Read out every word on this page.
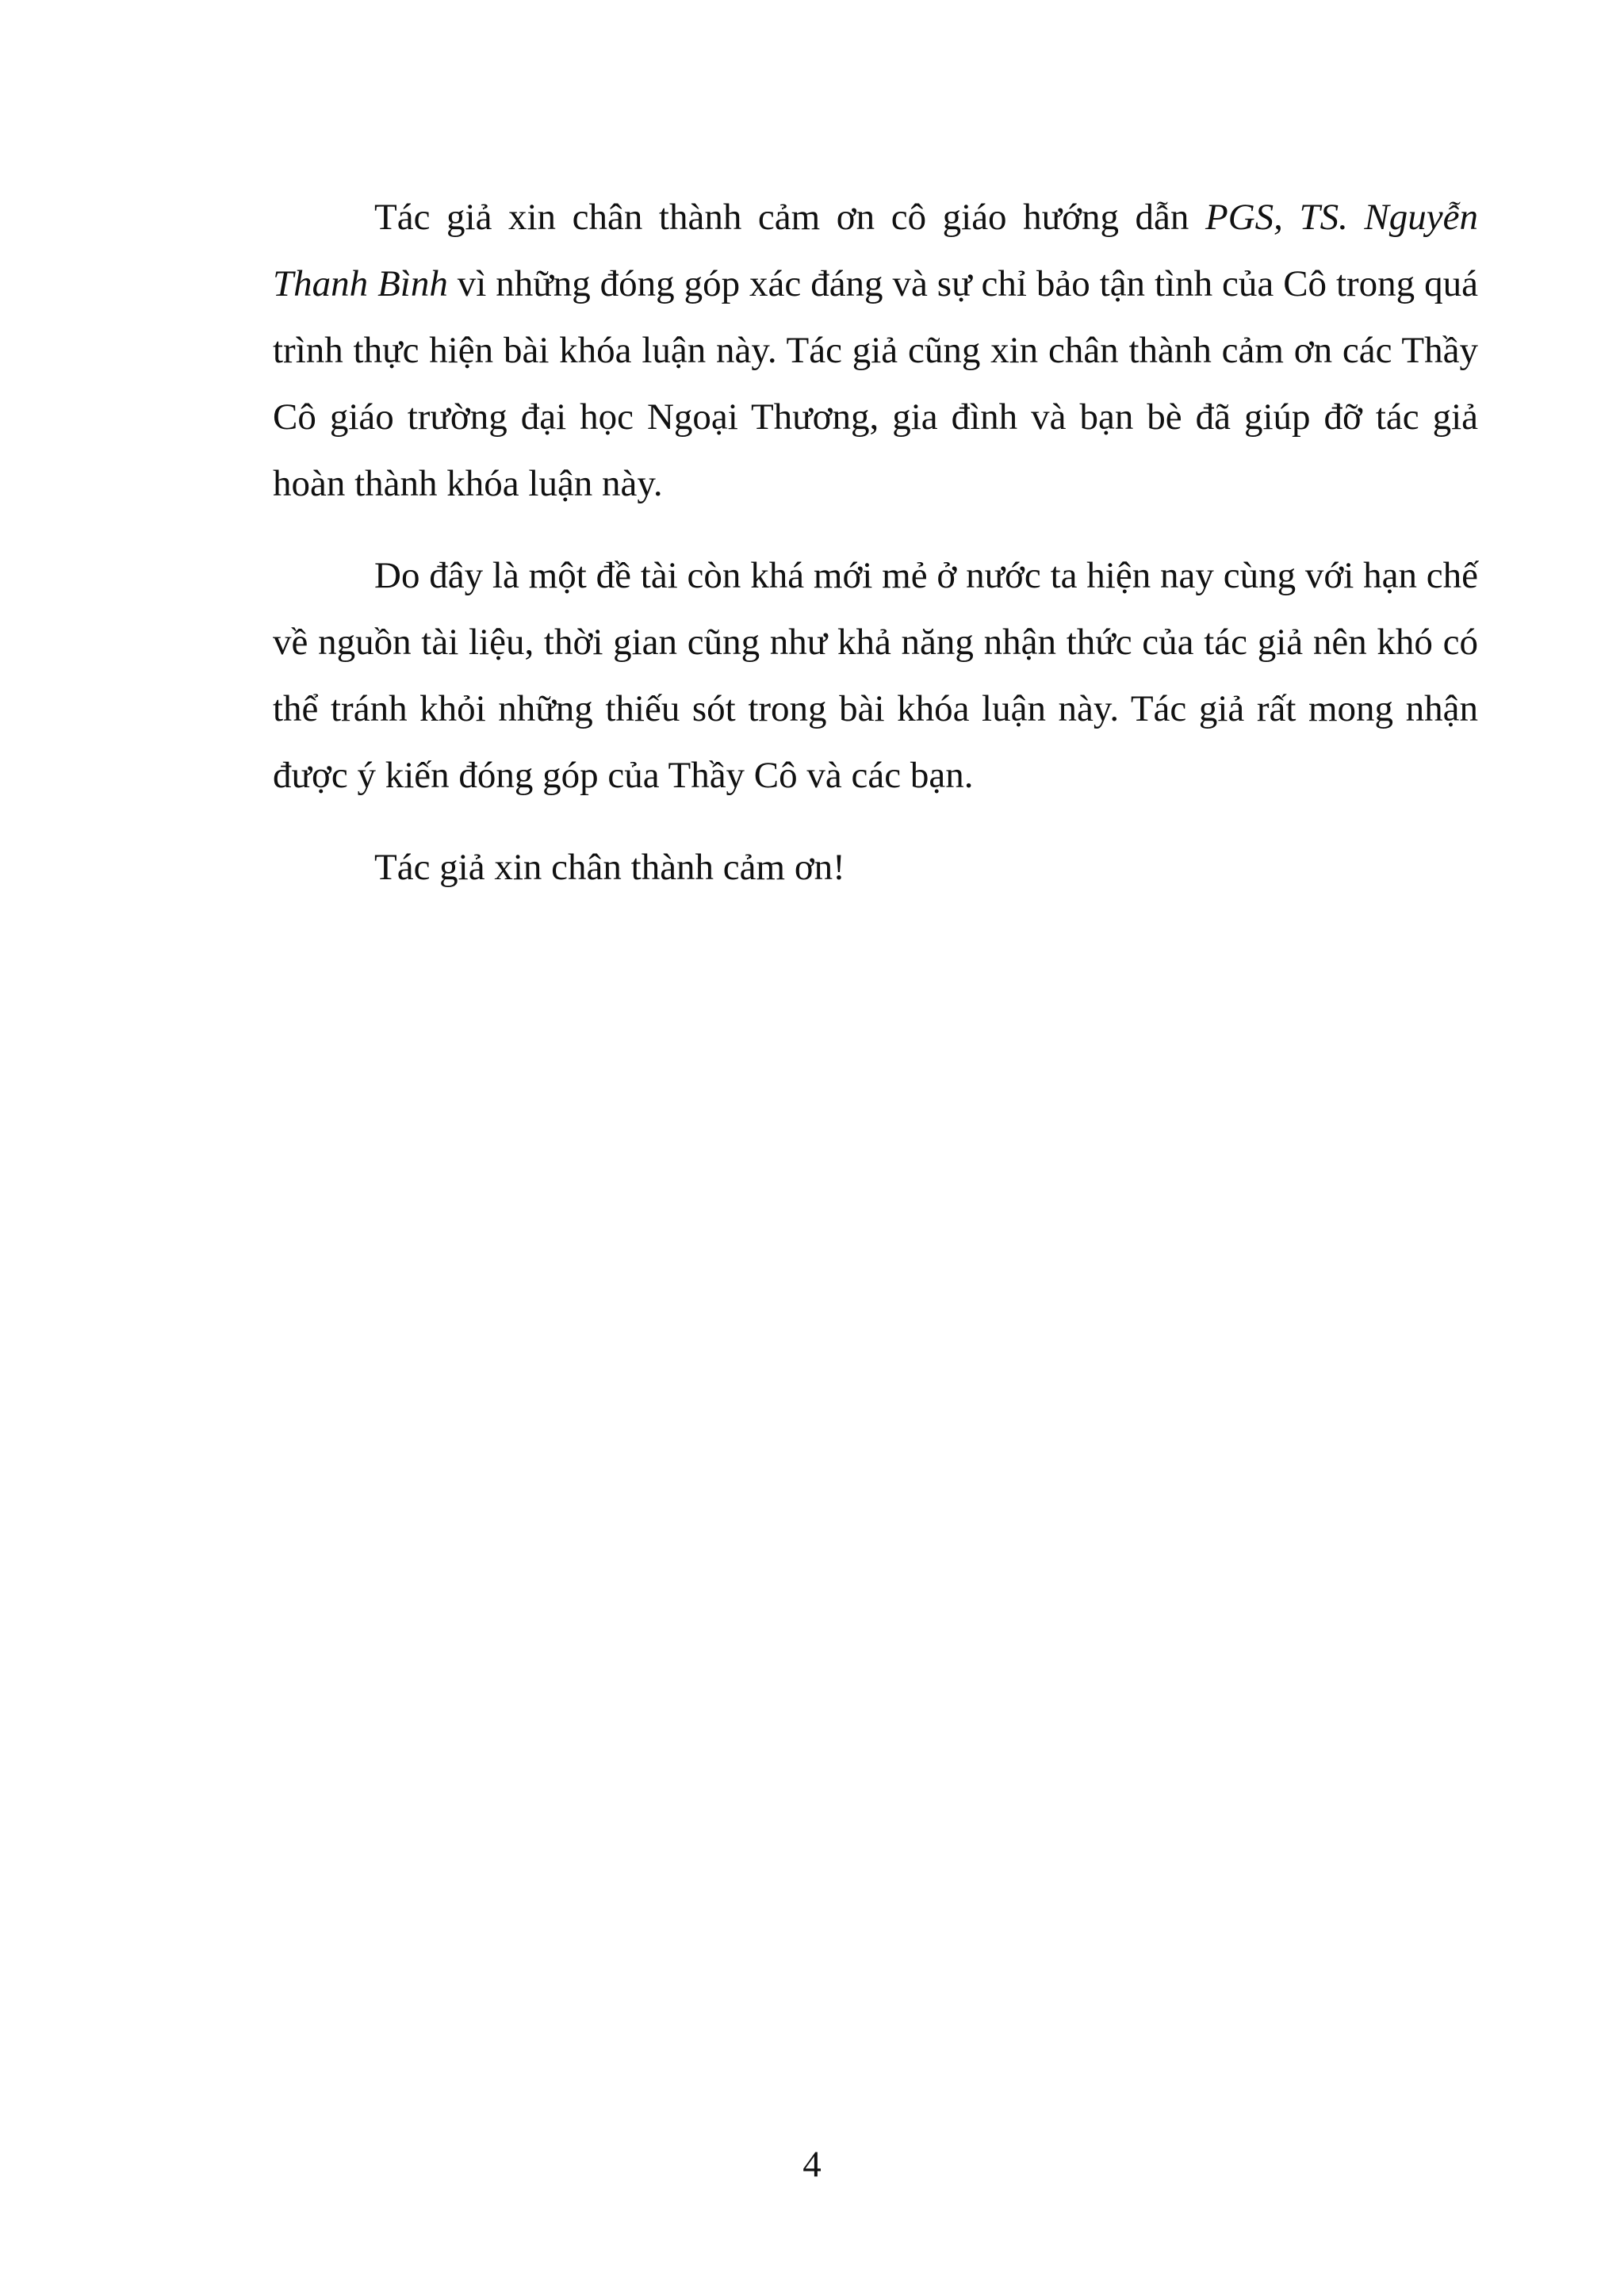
Tác giả xin chân thành cảm ơn cô giáo hướng dẫn PGS, TS. Nguyễn Thanh Bình vì những đóng góp xác đáng và sự chỉ bảo tận tình của Cô trong quá trình thực hiện bài khóa luận này. Tác giả cũng xin chân thành cảm ơn các Thầy Cô giáo trường đại học Ngoại Thương, gia đình và bạn bè đã giúp đỡ tác giả hoàn thành khóa luận này.

Do đây là một đề tài còn khá mới mẻ ở nước ta hiện nay cùng với hạn chế về nguồn tài liệu, thời gian cũng như khả năng nhận thức của tác giả nên khó có thể tránh khỏi những thiếu sót trong bài khóa luận này. Tác giả rất mong nhận được ý kiến đóng góp của Thầy Cô và các bạn.

Tác giả xin chân thành cảm ơn!

4
